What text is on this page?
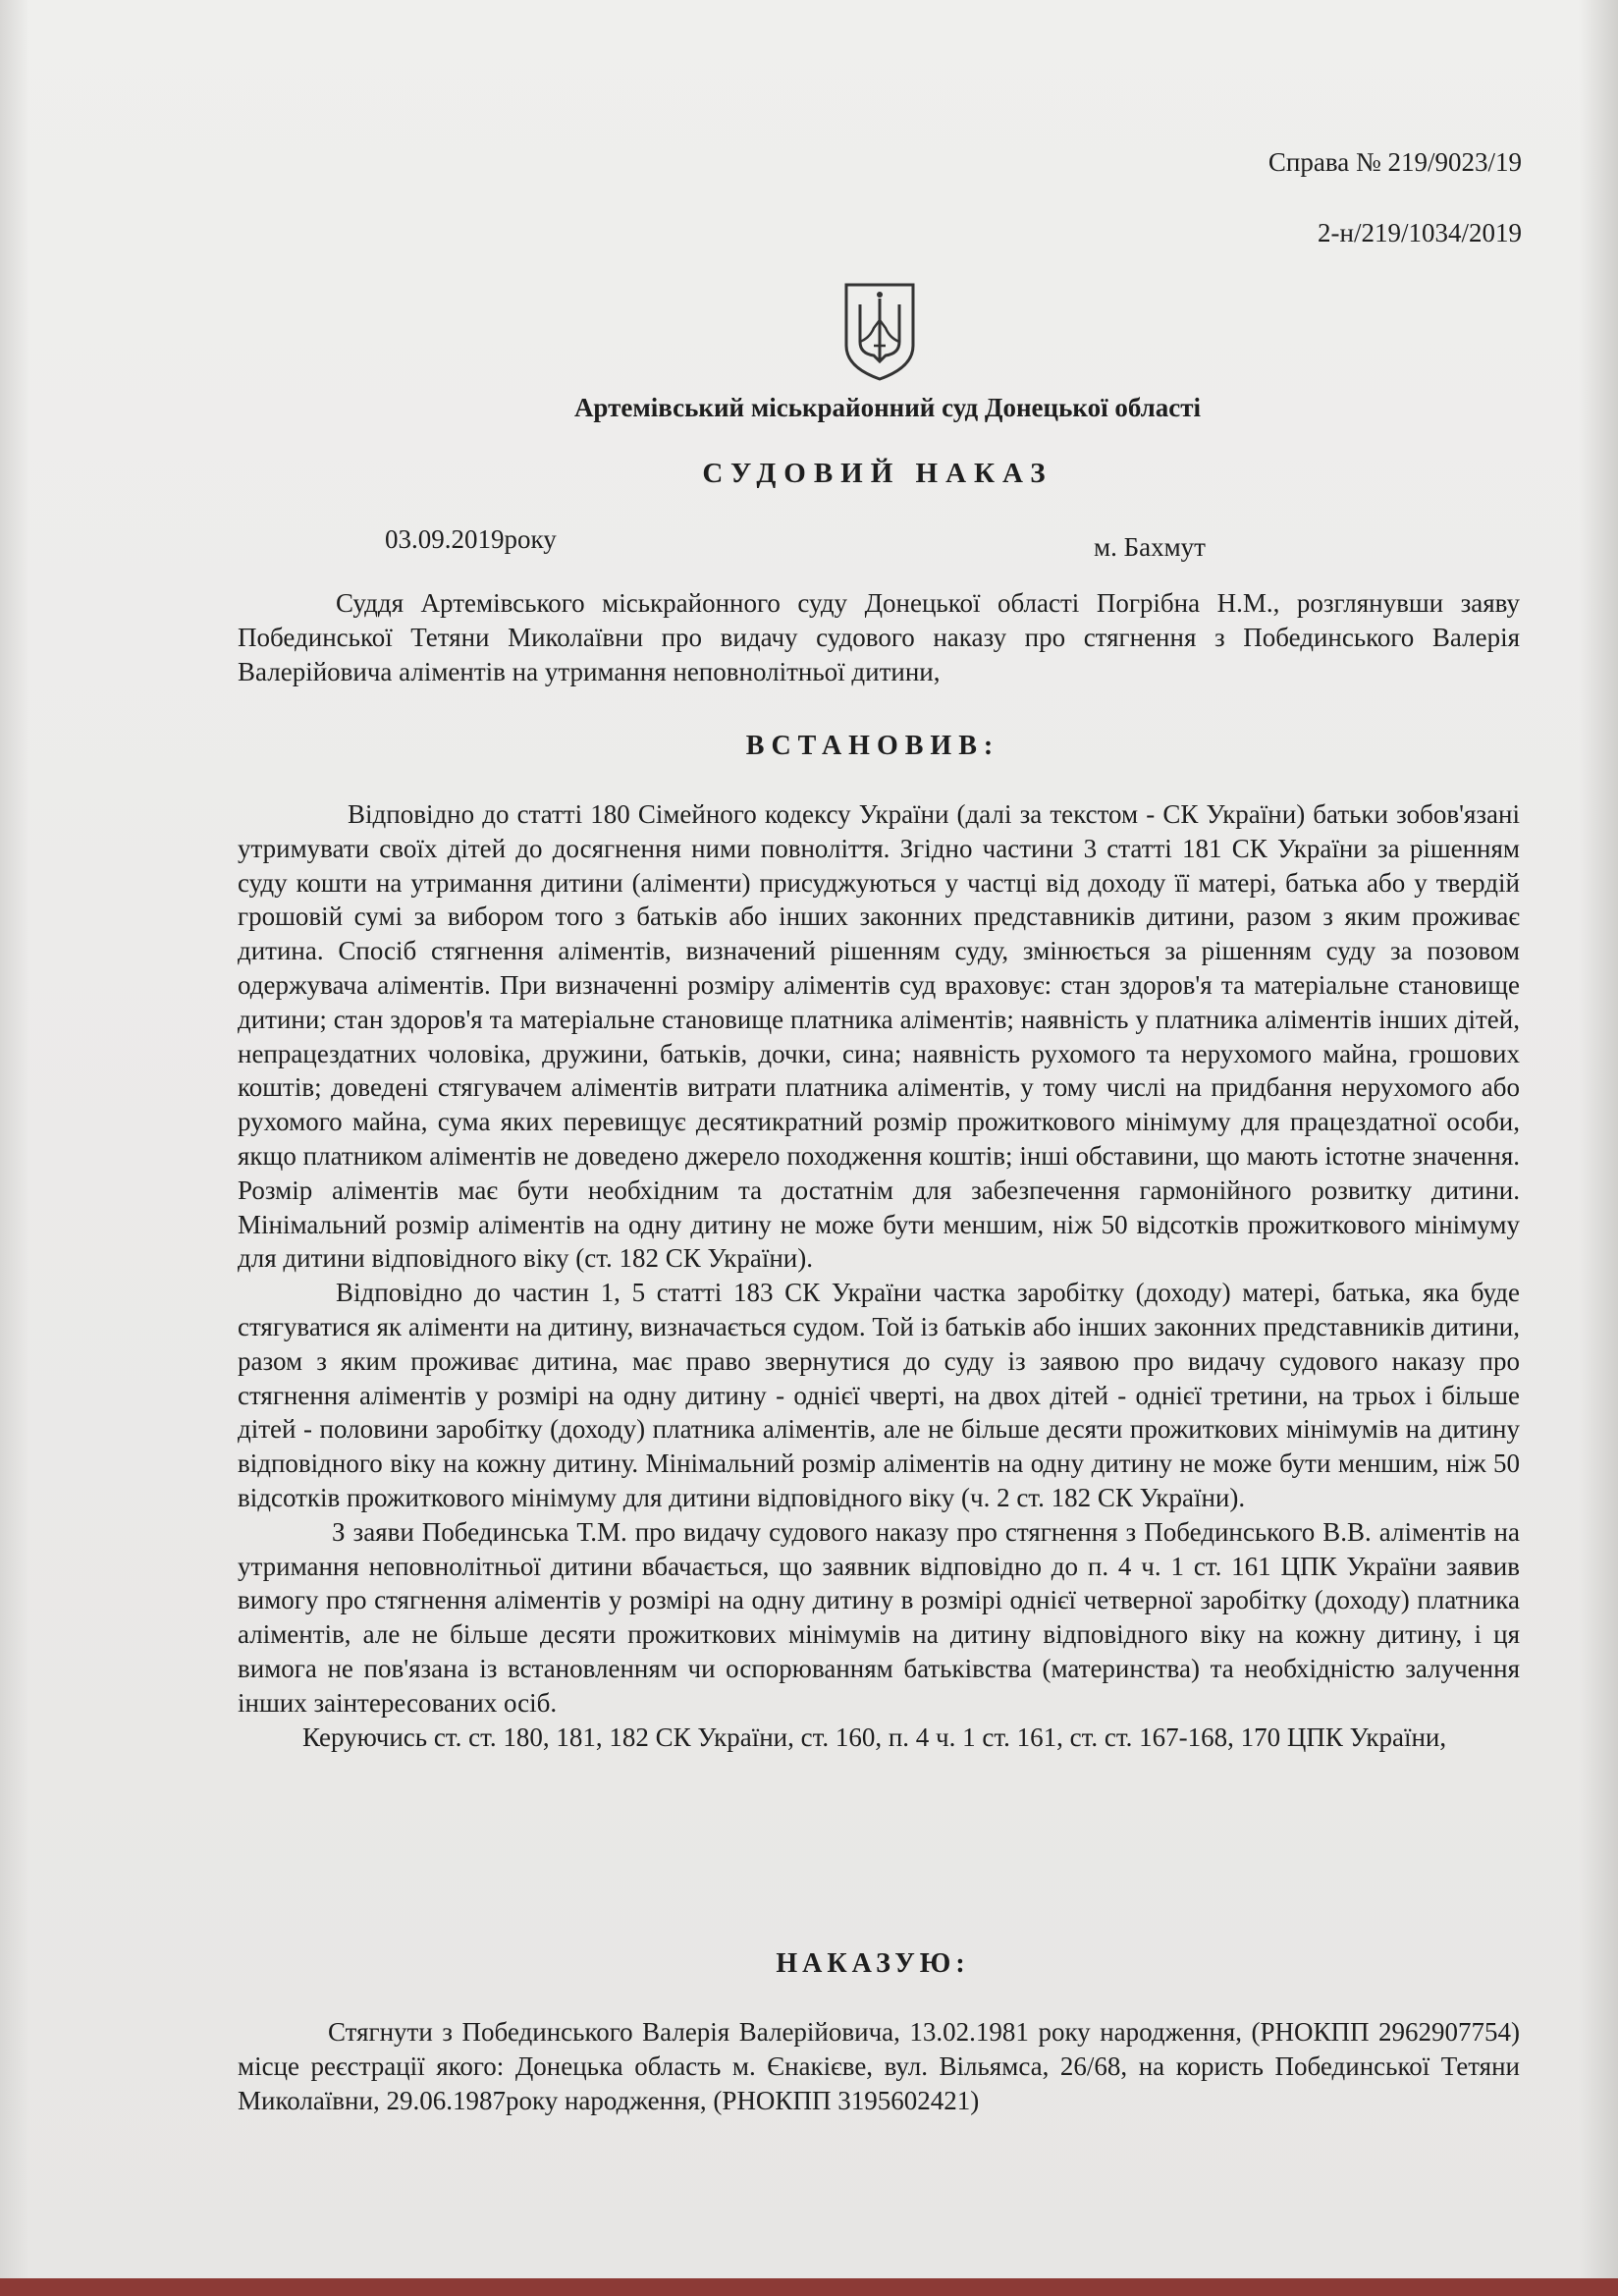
Справа № 219/9023/19
2-н/219/1034/2019
Артемівський міськрайонний суд Донецької області
СУДОВИЙ НАКАЗ
03.09.2019року	м. Бахмут

Суддя Артемівського міськрайонного суду Донецької області Погрібна Н.М., розглянувши заяву Побединської Тетяни Миколаївни про видачу судового наказу про стягнення з Побединського Валерія Валерійовича аліментів на утримання неповнолітньої дитини,

ВСТАНОВИВ:

Відповідно до статті 180 Сімейного кодексу України (далі за текстом - СК України) батьки зобов'язані утримувати своїх дітей до досягнення ними повноліття. Згідно частини 3 статті 181 СК України за рішенням суду кошти на утримання дитини (аліменти) присуджуються у частці від доходу її матері, батька або у твердій грошовій сумі за вибором того з батьків або інших законних представників дитини, разом з яким проживає дитина. Спосіб стягнення аліментів, визначений рішенням суду, змінюється за рішенням суду за позовом одержувача аліментів. При визначенні розміру аліментів суд враховує: стан здоров'я та матеріальне становище дитини; стан здоров'я та матеріальне становище платника аліментів; наявність у платника аліментів інших дітей, непрацездатних чоловіка, дружини, батьків, дочки, сина; наявність рухомого та нерухомого майна, грошових коштів; доведені стягувачем аліментів витрати платника аліментів, у тому числі на придбання нерухомого або рухомого майна, сума яких перевищує десятикратний розмір прожиткового мінімуму для працездатної особи, якщо платником аліментів не доведено джерело походження коштів; інші обставини, що мають істотне значення. Розмір аліментів має бути необхідним та достатнім для забезпечення гармонійного розвитку дитини. Мінімальний розмір аліментів на одну дитину не може бути меншим, ніж 50 відсотків прожиткового мінімуму для дитини відповідного віку (ст. 182 СК України).

Відповідно до частин 1, 5 статті 183 СК України частка заробітку (доходу) матері, батька, яка буде стягуватися як аліменти на дитину, визначається судом. Той із батьків або інших законних представників дитини, разом з яким проживає дитина, має право звернутися до суду із заявою про видачу судового наказу про стягнення аліментів у розмірі на одну дитину - однієї чверті, на двох дітей - однієї третини, на трьох і більше дітей - половини заробітку (доходу) платника аліментів, але не більше десяти прожиткових мінімумів на дитину відповідного віку на кожну дитину. Мінімальний розмір аліментів на одну дитину не може бути меншим, ніж 50 відсотків прожиткового мінімуму для дитини відповідного віку (ч. 2 ст. 182 СК України).

З заяви Побединська Т.М. про видачу судового наказу про стягнення з Побединського В.В. аліментів на утримання неповнолітньої дитини вбачається, що заявник відповідно до п. 4 ч. 1 ст. 161 ЦПК України заявив вимогу про стягнення аліментів у розмірі на одну дитину в розмірі однієї четверної заробітку (доходу) платника аліментів, але не більше десяти прожиткових мінімумів на дитину відповідного віку на кожну дитину, і ця вимога не пов'язана із встановленням чи оспорюванням батьківства (материнства) та необхідністю залучення інших заінтересованих осіб.

Керуючись ст. ст. 180, 181, 182 СК України, ст. 160, п. 4 ч. 1 ст. 161, ст. ст. 167-168, 170 ЦПК України,

НАКАЗУЮ:

Стягнути з Побединського Валерія Валерійовича, 13.02.1981 року народження, (РНОКПП 2962907754) місце реєстрації якого: Донецька область м. Єнакієве, вул. Вільямса, 26/68, на користь Побединської Тетяни Миколаївни, 29.06.1987року народження, (РНОКПП 3195602421)
